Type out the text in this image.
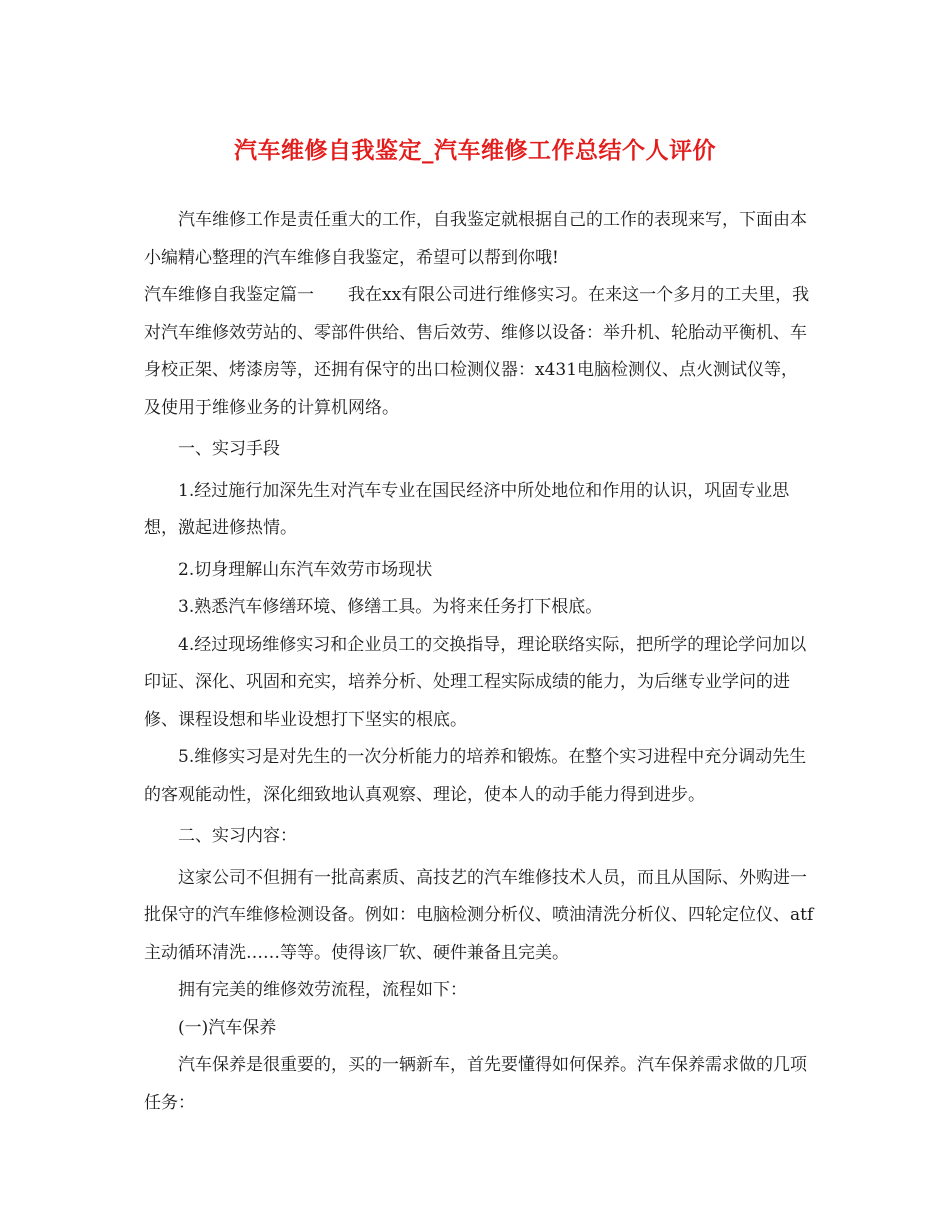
汽车维修自我鉴定_汽车维修工作总结个人评价

汽车维修工作是责任重大的工作，自我鉴定就根据自己的工作的表现来写，下面由本小编精心整理的汽车维修自我鉴定，希望可以帮到你哦!

汽车维修自我鉴定篇一　　我在xx有限公司进行维修实习。在来这一个多月的工夫里，我对汽车维修效劳站的、零部件供给、售后效劳、维修以设备：举升机、轮胎动平衡机、车身校正架、烤漆房等，还拥有保守的出口检测仪器：x431电脑检测仪、点火测试仪等，及使用于维修业务的计算机网络。

一、实习手段

1.经过施行加深先生对汽车专业在国民经济中所处地位和作用的认识，巩固专业思想，激起进修热情。

2.切身理解山东汽车效劳市场现状

3.熟悉汽车修缮环境、修缮工具。为将来任务打下根底。

4.经过现场维修实习和企业员工的交换指导，理论联络实际，把所学的理论学问加以印证、深化、巩固和充实，培养分析、处理工程实际成绩的能力，为后继专业学问的进修、课程设想和毕业设想打下坚实的根底。

5.维修实习是对先生的一次分析能力的培养和锻炼。在整个实习进程中充分调动先生的客观能动性，深化细致地认真观察、理论，使本人的动手能力得到进步。

二、实习内容：

这家公司不但拥有一批高素质、高技艺的汽车维修技术人员，而且从国际、外购进一批保守的汽车维修检测设备。例如：电脑检测分析仪、喷油清洗分析仪、四轮定位仪、atf主动循环清洗……等等。使得该厂软、硬件兼备且完美。

拥有完美的维修效劳流程，流程如下：

(一)汽车保养

汽车保养是很重要的，买的一辆新车，首先要懂得如何保养。汽车保养需求做的几项任务：
